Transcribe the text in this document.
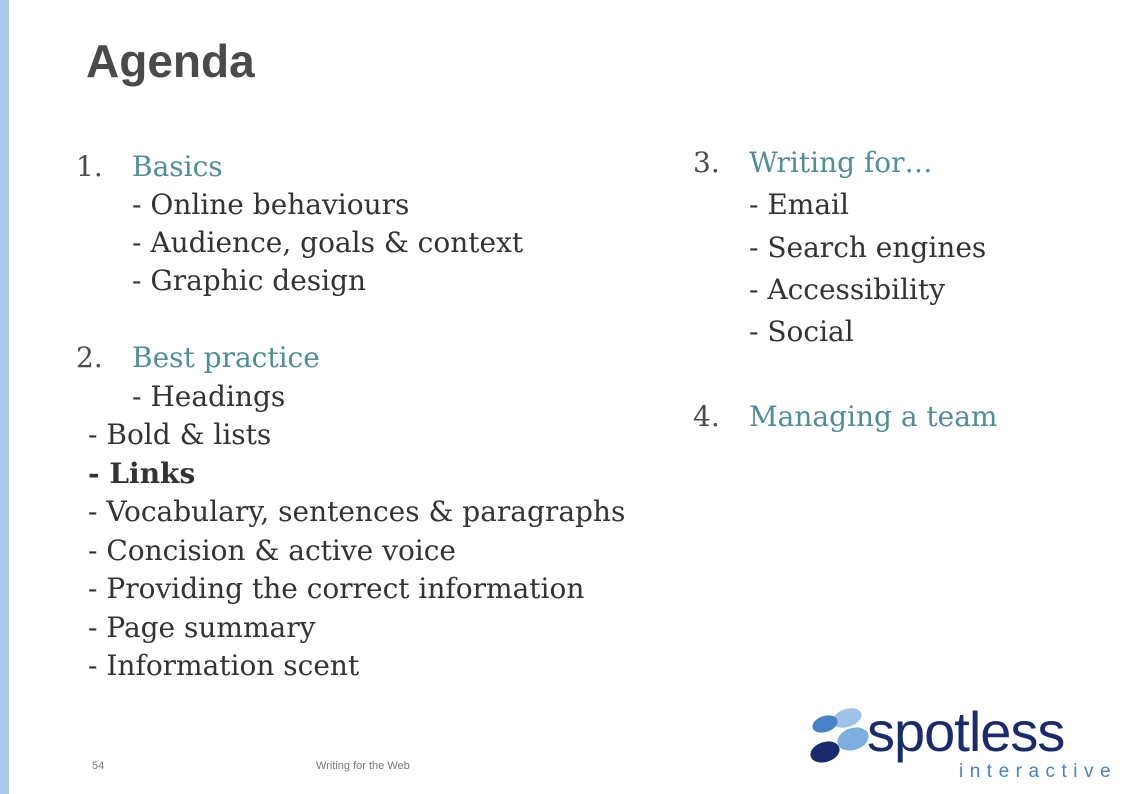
Agenda
1. Basics
- Online behaviours
- Audience, goals & context
- Graphic design
2. Best practice
- Headings
- Bold & lists
- Links
- Vocabulary, sentences & paragraphs
- Concision & active voice
- Providing the correct information
- Page summary
- Information scent
3. Writing for…
- Email
- Search engines
- Accessibility
- Social
4. Managing a team
54	Writing for the Web
spotless
interactive
